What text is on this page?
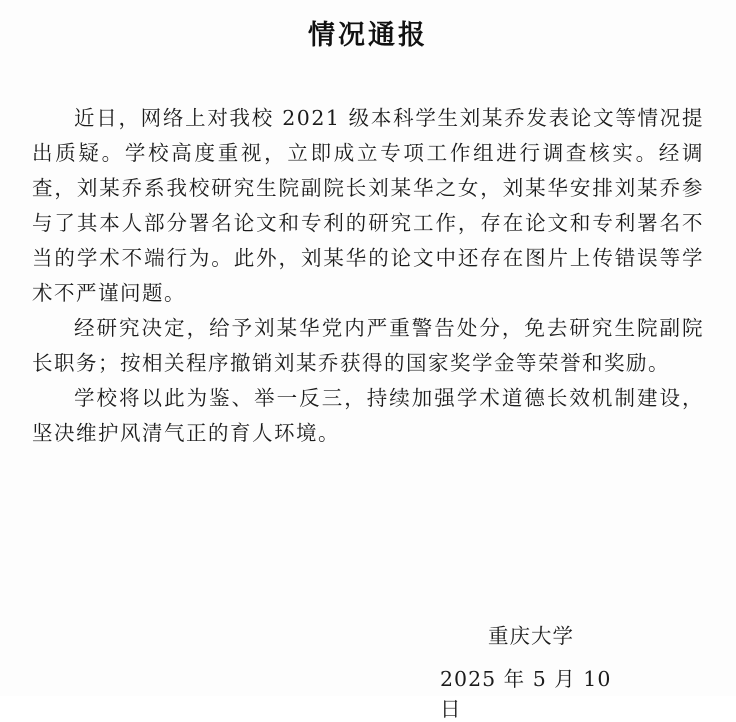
情况通报

近日，网络上对我校 2021 级本科学生刘某乔发表论文等情况提出质疑。学校高度重视，立即成立专项工作组进行调查核实。经调查，刘某乔系我校研究生院副院长刘某华之女，刘某华安排刘某乔参与了其本人部分署名论文和专利的研究工作，存在论文和专利署名不当的学术不端行为。此外，刘某华的论文中还存在图片上传错误等学术不严谨问题。

经研究决定，给予刘某华党内严重警告处分，免去研究生院副院长职务；按相关程序撤销刘某乔获得的国家奖学金等荣誉和奖励。

学校将以此为鉴、举一反三，持续加强学术道德长效机制建设，坚决维护风清气正的育人环境。

重庆大学
2025 年 5 月 10 日
